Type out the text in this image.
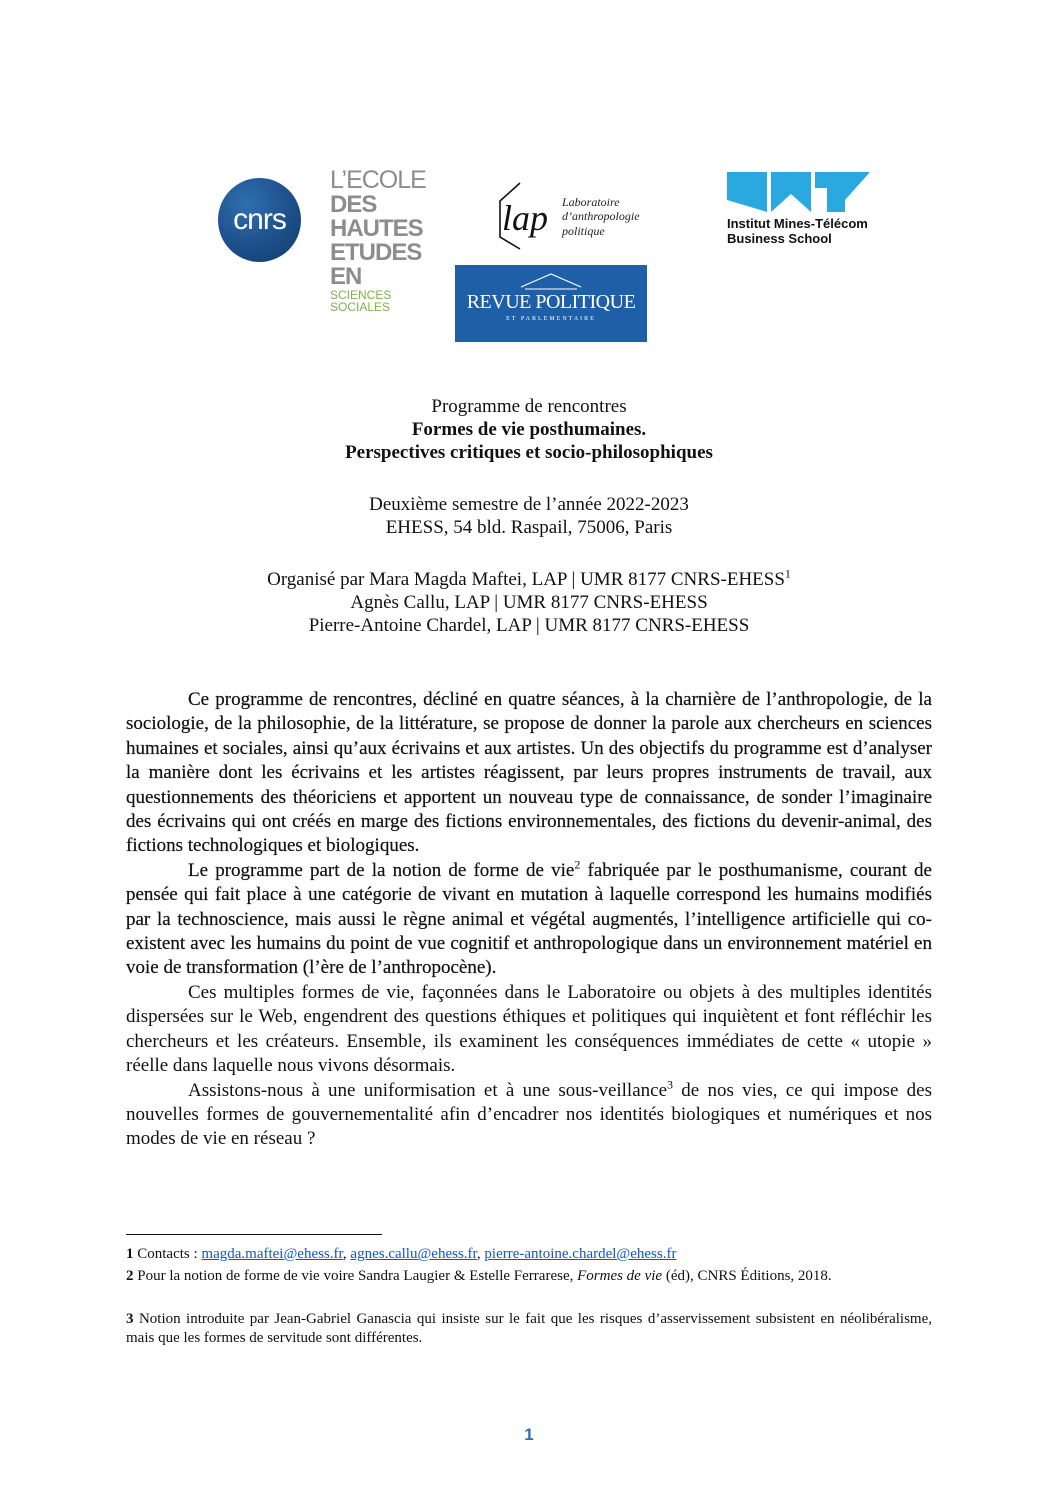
cnrs
L’ECOLE
DES HAUTES
ETUDES EN
SCIENCES
SOCIALES
lap Laboratoire
d’anthropologie
politique	Institut Mines-Télécom
Business School
REVUE POLITIQUE
ET PARLEMENTAIRE
Programme de rencontres
Formes de vie posthumaines.
Perspectives critiques et socio-philosophiques
Deuxième semestre de l’année 2022-2023
EHESS, 54 bld. Raspail, 75006, Paris
Organisé par Mara Magda Maftei, LAP | UMR 8177 CNRS-EHESS$^1$
Agnès Callu, LAP | UMR 8177 CNRS-EHESS
Pierre-Antoine Chardel, LAP | UMR 8177 CNRS-EHESS

Ce programme de rencontres, décliné en quatre séances, à la charnière de l’anthropologie, de la sociologie, de la philosophie, de la littérature, se propose de donner la parole aux chercheurs en sciences humaines et sociales, ainsi qu’aux écrivains et aux artistes. Un des objectifs du programme est d’analyser la manière dont les écrivains et les artistes réagissent, par leurs propres instruments de travail, aux questionnements des théoriciens et apportent un nouveau type de connaissance, de sonder l’imaginaire des écrivains qui ont créés en marge des fictions environnementales, des fictions du devenir-animal, des fictions technologiques et biologiques.

Le programme part de la notion de forme de vie$^2$ fabriquée par le posthumanisme, courant de pensée qui fait place à une catégorie de vivant en mutation à laquelle correspond les humains modifiés par la technoscience, mais aussi le règne animal et végétal augmentés, l’intelligence artificielle qui co-existent avec les humains du point de vue cognitif et anthropologique dans un environnement matériel en voie de transformation (l’ère de l’anthropocène).

Ces multiples formes de vie, façonnées dans le Laboratoire ou objets à des multiples identités dispersées sur le Web, engendrent des questions éthiques et politiques qui inquiètent et font réfléchir les chercheurs et les créateurs. Ensemble, ils examinent les conséquences immédiates de cette « utopie » réelle dans laquelle nous vivons désormais.

Assistons-nous à une uniformisation et à une sous-veillance$^3$ de nos vies, ce qui impose des nouvelles formes de gouvernementalité afin d’encadrer nos identités biologiques et numériques et nos modes de vie en réseau ?

1 Contacts : magda.maftei@ehess.fr, agnes.callu@ehess.fr, pierre-antoine.chardel@ehess.fr
2 Pour la notion de forme de vie voire Sandra Laugier & Estelle Ferrarese, Formes de vie (éd), CNRS Éditions, 2018.
3 Notion introduite par Jean-Gabriel Ganascia qui insiste sur le fait que les risques d’asservissement subsistent en néolibéralisme, mais que les formes de servitude sont différentes.
1
